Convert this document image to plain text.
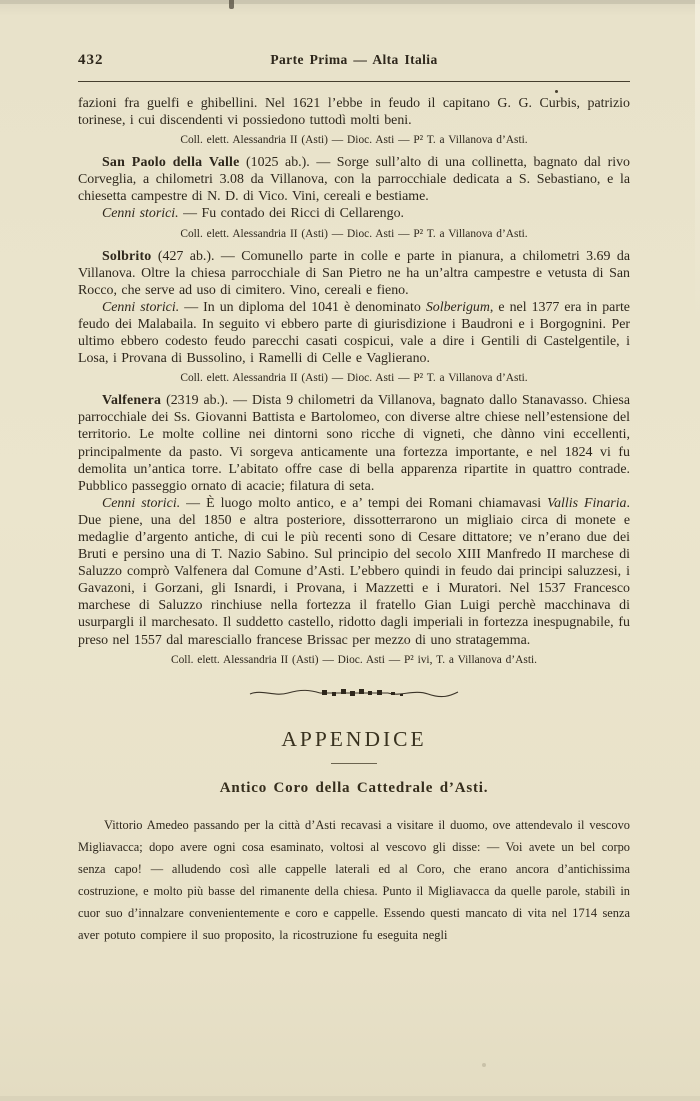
432	Parte Prima — Alta Italia

fazioni fra guelfi e ghibellini. Nel 1621 l’ebbe in feudo il capitano G. G. Curbis, patrizio torinese, i cui discendenti vi possiedono tuttodì molti beni.

Coll. elett. Alessandria II (Asti) — Dioc. Asti — P² T. a Villanova d’Asti.

San Paolo della Valle (1025 ab.). — Sorge sull’alto di una collinetta, bagnato dal rivo Corveglia, a chilometri 3.08 da Villanova, con la parrocchiale dedicata a S. Sebastiano, e la chiesetta campestre di N. D. di Vico. Vini, cereali e bestiame.

Cenni storici. — Fu contado dei Ricci di Cellarengo.

Coll. elett. Alessandria II (Asti) — Dioc. Asti — P² T. a Villanova d’Asti.

Solbrito (427 ab.). — Comunello parte in colle e parte in pianura, a chilometri 3.69 da Villanova. Oltre la chiesa parrocchiale di San Pietro ne ha un’altra campestre e vetusta di San Rocco, che serve ad uso di cimitero. Vino, cereali e fieno.

Cenni storici. — In un diploma del 1041 è denominato Solberigum, e nel 1377 era in parte feudo dei Malabaila. In seguito vi ebbero parte di giurisdizione i Baudroni e i Borgognini. Per ultimo ebbero codesto feudo parecchi casati cospicui, vale a dire i Gentili di Castelgentile, i Losa, i Provana di Bussolino, i Ramelli di Celle e Vaglierano.

Coll. elett. Alessandria II (Asti) — Dioc. Asti — P² T. a Villanova d’Asti.

Valfenera (2319 ab.). — Dista 9 chilometri da Villanova, bagnato dallo Stanavasso. Chiesa parrocchiale dei Ss. Giovanni Battista e Bartolomeo, con diverse altre chiese nell’estensione del territorio. Le molte colline nei dintorni sono ricche di vigneti, che dànno vini eccellenti, principalmente da pasto. Vi sorgeva anticamente una fortezza importante, e nel 1824 vi fu demolita un’antica torre. L’abitato offre case di bella apparenza ripartite in quattro contrade. Pubblico passeggio ornato di acacie; filatura di seta.

Cenni storici. — È luogo molto antico, e a’ tempi dei Romani chiamavasi Vallis Finaria. Due piene, una del 1850 e altra posteriore, dissotterrarono un migliaio circa di monete e medaglie d’argento antiche, di cui le più recenti sono di Cesare dittatore; ve n’erano due dei Bruti e persino una di T. Nazio Sabino. Sul principio del secolo XIII Manfredo II marchese di Saluzzo comprò Valfenera dal Comune d’Asti. L’ebbero quindi in feudo dai principi saluzzesi, i Gavazoni, i Gorzani, gli Isnardi, i Provana, i Mazzetti e i Muratori. Nel 1537 Francesco marchese di Saluzzo rinchiuse nella fortezza il fratello Gian Luigi perchè macchinava di usurpargli il marchesato. Il suddetto castello, ridotto dagli imperiali in fortezza inespugnabile, fu preso nel 1557 dal maresciallo francese Brissac per mezzo di uno stratagemma.

Coll. elett. Alessandria II (Asti) — Dioc. Asti — P² ivi, T. a Villanova d’Asti.

APPENDICE
Antico Coro della Cattedrale d’Asti.

Vittorio Amedeo passando per la città d’Asti recavasi a visitare il duomo, ove attendevalo il vescovo Migliavacca; dopo avere ogni cosa esaminato, voltosi al vescovo gli disse: — Voi avete un bel corpo senza capo! — alludendo così alle cappelle laterali ed al Coro, che erano ancora d’antichissima costruzione, e molto più basse del rimanente della chiesa. Punto il Migliavacca da quelle parole, stabilì in cuor suo d’innalzare convenientemente e coro e cappelle. Essendo questi mancato di vita nel 1714 senza aver potuto compiere il suo proposito, la ricostruzione fu eseguita negli
